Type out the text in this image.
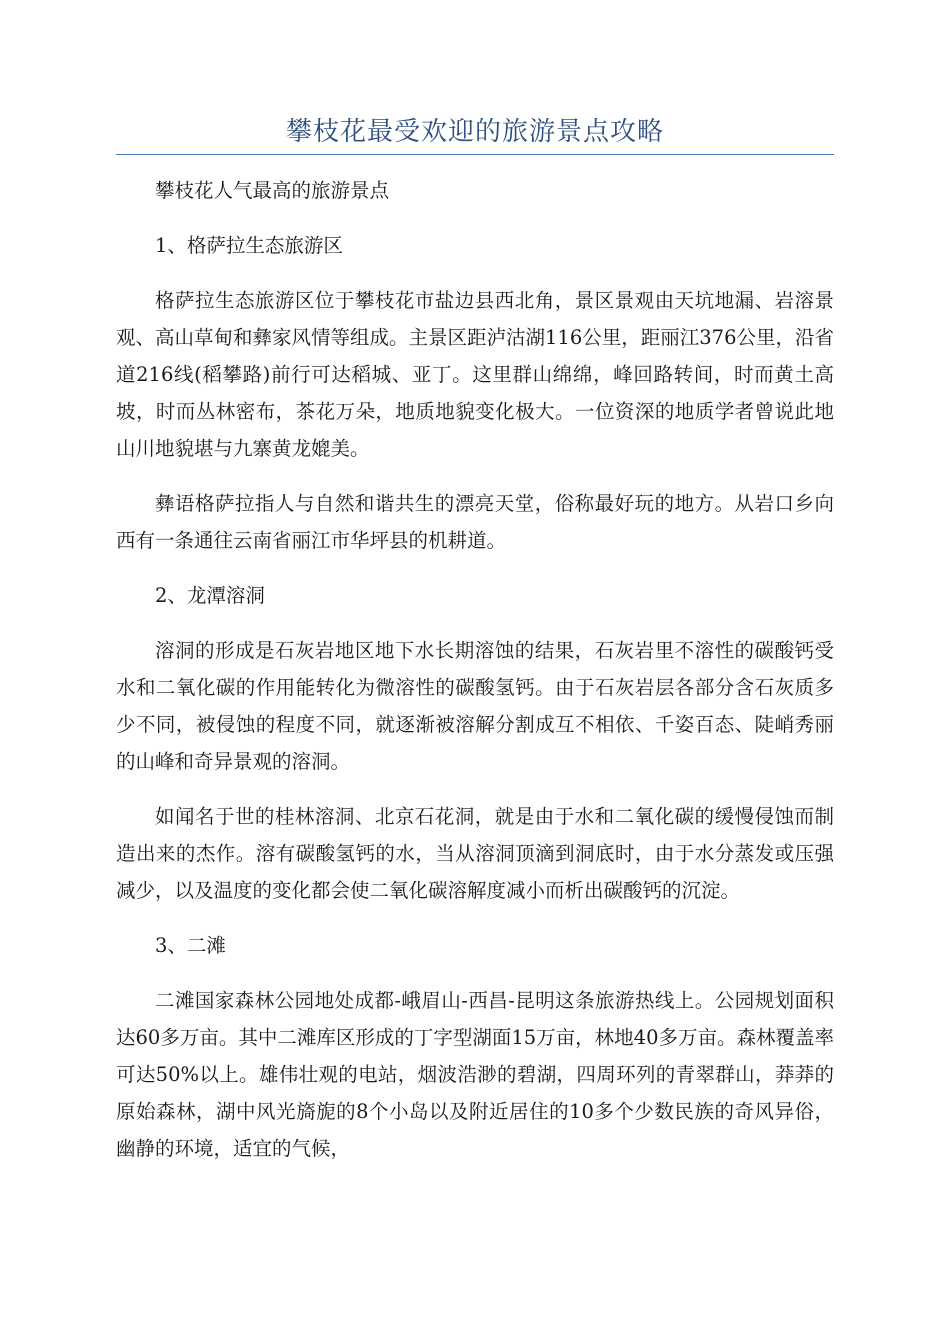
攀枝花最受欢迎的旅游景点攻略

攀枝花人气最高的旅游景点

1、格萨拉生态旅游区

格萨拉生态旅游区位于攀枝花市盐边县西北角，景区景观由天坑地漏、岩溶景观、高山草甸和彝家风情等组成。主景区距泸沽湖116公里，距丽江376公里，沿省道216线(稻攀路)前行可达稻城、亚丁。这里群山绵绵，峰回路转间，时而黄土高坡，时而丛林密布，茶花万朵，地质地貌变化极大。一位资深的地质学者曾说此地山川地貌堪与九寨黄龙媲美。

彝语格萨拉指人与自然和谐共生的漂亮天堂，俗称最好玩的地方。从岩口乡向西有一条通往云南省丽江市华坪县的机耕道。

2、龙潭溶洞

溶洞的形成是石灰岩地区地下水长期溶蚀的结果，石灰岩里不溶性的碳酸钙受水和二氧化碳的作用能转化为微溶性的碳酸氢钙。由于石灰岩层各部分含石灰质多少不同，被侵蚀的程度不同，就逐渐被溶解分割成互不相依、千姿百态、陡峭秀丽的山峰和奇异景观的溶洞。

如闻名于世的桂林溶洞、北京石花洞，就是由于水和二氧化碳的缓慢侵蚀而制造出来的杰作。溶有碳酸氢钙的水，当从溶洞顶滴到洞底时，由于水分蒸发或压强减少，以及温度的变化都会使二氧化碳溶解度减小而析出碳酸钙的沉淀。

3、二滩

二滩国家森林公园地处成都-峨眉山-西昌-昆明这条旅游热线上。公园规划面积达60多万亩。其中二滩库区形成的丁字型湖面15万亩，林地40多万亩。森林覆盖率可达50%以上。雄伟壮观的电站，烟波浩渺的碧湖，四周环列的青翠群山，莽莽的原始森林，湖中风光旖旎的8个小岛以及附近居住的10多个少数民族的奇风异俗，幽静的环境，适宜的气候，
